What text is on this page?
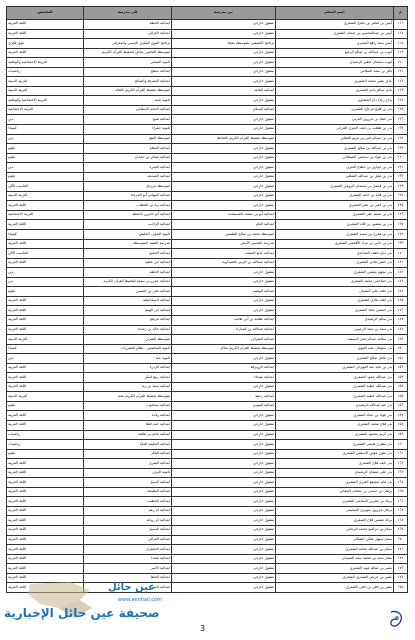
م	اسم المعلم	من مدرسة	الى مدرسة	التخصص
١١٦	أيمن بن شاهر بن حجاج الشمري	منقول خارجي	ابتدائية الخطة	اللغة العربية
١١٧	أيمن بن عبدالمحسن بن عثمان الشمري	منقول خارجي	ابتدائية الغزالي	اللغة العربية
١١٨	أيمن سعد رافع الشمري	برنامج الكفيفين بمتوسطة بقعاء	برنامج العوق الفكري الحسي والمعرفي	عوق فكري
١١٩	ايوب بن عبدالله بن صالح الزميع	منقول خارجي	متوسطة القاضي عياض لتحفيظ القرآن الكريم	اللغة العربية
١٢٠	ايوب سليمان مطير الرشيدي	منقول خارجي	ثانوية الشبلي	التربية الاجتماعية والوطنية
١٢١	باقر بن سعد السلامي	منقول خارجي	ابتدائية سطح	رياضيات
١٢٢	بادي بشير محمد الشمري	منقول خارجي	ابتدائية المعرفة والصالح	التربية الدينية
١٢٣	بادي سالم بادي الشمري	ابتدائية القاعد	متوسطة تحفيظ القرآن الكريم بالقائد	التربية الدينية
١٢٤	بداح رجاء داح الجنفاوي	منقول خارجي	ثانوية لابية	التربية الاجتماعية والوطنية
١٢٥	بدر بن فليح مرجاع الشمري	ابتدائية السلام	ابتدائية الانجم الاسلامي	التربية الاجتماعية
١٢٦	بدر حماد بن مرزوق العربي	منقول خارجي	ابتدائية شيخ	دين
١٢٧	بدر بن طلعت بن نايف العنزي العرجي	منقول خارجي	ثانوية حمراء	كيمياء
١٢٨	بدر بن عبدالرحمن بن مزيو التنملي	متوسطة تحفيظ القرآن الكريم بالحائط	متوسطة النفع	دين
١٢٩	بدر بن عبدالله بن صالح الشمري	منقول خارجي	ابتدائية التنقلة	علوم
١٣٠	بدر بن عواد بن سحيمي الشملالي	منقول خارجي	ابتدائية عمائر بن حمدان	علوم
١٣١	بدر بن خوازي بن حطاع العنزي	منقول خارجي	ابتدائية النجرة	دين
١٣٢	بدر بن هليل بن عبدالله الشطي	منقول خارجي	ابتدائية الصديف	علوم
١٣٣	بدر بن فيصل بن سليمان الرويلي الشمري	منقول خارجي	متوسطة مرزعل	الحاسب الآلي
١٣٤	بدر بن قائد بن جامد الشمري	منقول خارجي	ابتدائية البيهاني أبو الخرماء	التربية الدينية
١٣٥	بدر بن لاهي بن علي الشمري	منقول خارجي	ابتدائية زيد بن الخطاب	اللغة العربية
١٣٦	بدر بن معيله علي الشمري	ابتدائية أبو بن سلمة بالمستجدة	ابتدائية أبو جابرين بالحطة	التربية الاجتماعية
١٣٧	بدر بن منصور بن قائد الشمري	ابتدائية العام	ابتدائية الزاحب	اللغة العربية
١٣٨	بدر بن مفرح بن سعيد الشمري	متوسطة محمد بن صالح القليمين	ثانوية الجوف الخليص	كيمياء
١٣٩	بدر بن ناحي بن مراد الأفليجي الشمري	مدرسة التفسير الأبيض	مدرسة التنفيذ المتوسطة	اللغة العربية
١٤٠	بدر دياع دلفف الصاعدي	ابتدائية جابع المبعث	ابتدائية الحميل	الحاسب الآلي
١٤١	بدر حنفي هادي الشمري	ابتدائية عبدالله بن الزبير بالصيداوية	ابتدائية ابن عطيه	اللغة العربية
١٤٢	بدر مجهم مشعي الشمري	منقول خارجي	ابتدائية الحطة	دين
١٤٣	بدر حماحمي محمد الشمري	منقول خارجي	ابتدائية عمرو بن سلمة لتحفيظ القرآن الكريم	دين
١٤٤	بدر خلف علي الشيبان	ابتدائية الوهيبة	ابتدائية علي بن الحسن	علوم
١٤٥	بدر خلف هادي الشمري	منقول خارجي	ابتدائية السماعيلية	اللغة العربية
١٤٦	بدر خميس حماد الشمري	منقول خارجي	ابتدائية ابن الهيثم	اللغة العربية
١٤٧	بدر سالم الرشيدي	ابتدائية طلحة بن أبي طالب	ابتدائية مريقع	اللغة العربية
١٤٨	بدر سعد بن سعد الرجيبي	ابتدائية عبدالله بن المبارك	ابتدائية خالد بن رشدة	اللغة العربية
١٤٩	بدر سلامه عبدالرحمن السبيف	ابتدائية الشراف	متوسطة الشرف	التربية الدينية
١٥٠	بدر سليمان عمد اللبوي	متوسطة تحفيظ القرآن الكريم بحائل	ثانوية المخصص - نظام المقررات	كيمياء
١٥١	بدر عامل صالح الشمري	منقول خارجي	ثانوية جبة	دين
١٥٢	بدر بن عايد عيد التويزلي الشمري	ابتدائية الزويرقة	ابتدائية الزدرة	اللغة العربية
١٥٣	بدر عبدالله حمود الشمري	ابتدائية هوجاء	ابتدائية ربيع البكر	اللغة العربية
١٥٤	بدر عبدالله عطية الشمري	منقول خارجي	ابتدائية سعد بن زيد	اللغة العربية
١٥٥	بدر عبدالله عطيه الشمري	ابتدائية رغيلة	متوسطة تحفيظ القرآن الكريم بحية	التربية الدينية
١٥٦	بدر عيد عبدالله الرشيدي	ابتدائية النويبي	ابتدائية سمحوت	علوم
١٥٧	بدر عواد بن حماد الشمري	منقول خارجي	ابتدائية ولادة	اللغة العربية
١٥٨	بدر فلاح محمد الشمري	منقول خارجي	ابتدائية حمد قطا	اللغة العربية
١٥٩	بدر كريم محمود الشمري	منقول خارجي	ابتدائية حاتم بن طلحة	رياضيات
١٦٠	بدر مطرح عليمي الشمري	منقول خارجي	ابتدائية الحليفة العليا	رياضيات
١٦١	بدر ملوح عوض الاسلمي الشمري	منقول خارجي	ابتدائية الثاقر	علوم
١٦٢	بدر نايف فلاح الشمري	منقول خارجي	ابتدائية الضري	اللغة العربية
١٦٣	بدر علي عيشان الرشيدي	منقول خارجي	ثانوية الترف	اللغة العربية
١٦٤	بدر هايد صعيفع العنزي الشمري	منقول خارجي	ابتدائية السبل	اللغة العربية
١٦٥	برهان بن عيسى بن سلمان الحقاني	منقول خارجي	ابتدائية البطيحة	اللغة العربية
١٦٦	بريك بن عمرين السلامي الشمري	منقول خارجي	ابتدائية الخطيب	اللغة العربية
١٦٧	برهان مرزوق سويري السعيمي	منقول خارجي	ابتدائية ام رهم	اللغة العربية
١٦٨	بركة عتمس فلاح الشمري	منقول خارجي	ابتدائية ام روخم	اللغة العربية
١٦٩	بسام بن ابراهيم محمد الرباعي	منقول خارجي	ابتدائية السبيل	اللغة العربية
١٧٠	بسام سيهل ملكي الشلالي	منقول خارجي	ابتدائية الغزالي	اللغة العربية
١٧١	بسام بن عبدالله محمد الشمري	منقول خارجي	ابتدائية الجعفري	اللغة العربية
١٧٢	بشار سعد بن محمد سعد الشيباني	منقول خارجي	ابتدائية شعدا	اللغة العربية
١٧٣	بشير بن عياط عويد الشمري	منقول خارجي	ابتدائية الأمير	اللغة العربية
١٧٤	بشير بن عريض الشمري الشمري	منقول خارجي	ابتدائية الملقا	اللغة العربية
١٧٥	بشير بن لافي بن لافي الشمري	منقول خارجي	ابتدائية العمر	اللغة العربية	عين حائل
www.aenhail.com
صحيفة عين حائل الإخبارية
3
